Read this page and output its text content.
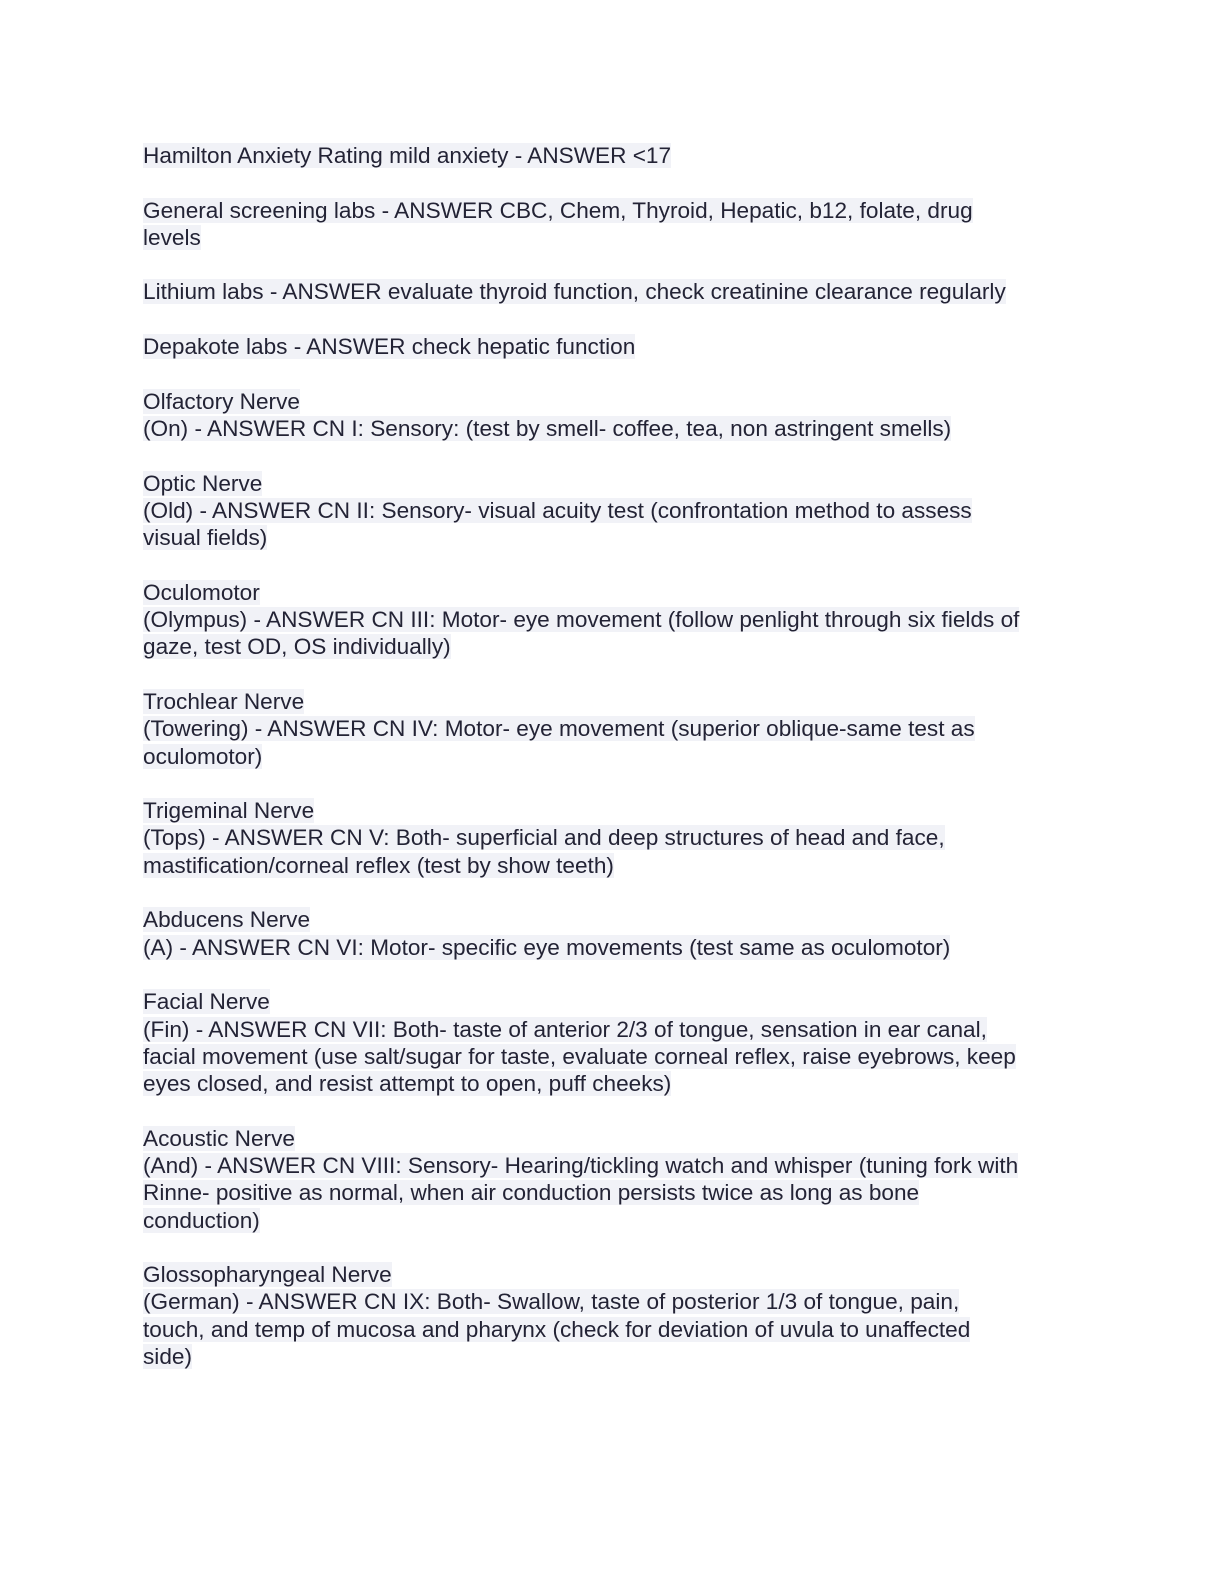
Hamilton Anxiety Rating mild anxiety - ANSWER <17
General screening labs - ANSWER CBC, Chem, Thyroid, Hepatic, b12, folate, drug
levels
Lithium labs - ANSWER evaluate thyroid function, check creatinine clearance regularly
Depakote labs - ANSWER check hepatic function
Olfactory Nerve
(On) - ANSWER CN I: Sensory: (test by smell- coffee, tea, non astringent smells)
Optic Nerve
(Old) - ANSWER CN II: Sensory- visual acuity test (confrontation method to assess
visual fields)
Oculomotor
(Olympus) - ANSWER CN III: Motor- eye movement (follow penlight through six fields of
gaze, test OD, OS individually)
Trochlear Nerve
(Towering) - ANSWER CN IV: Motor- eye movement (superior oblique-same test as
oculomotor)
Trigeminal Nerve
(Tops) - ANSWER CN V: Both- superficial and deep structures of head and face,
mastification/corneal reflex (test by show teeth)
Abducens Nerve
(A) - ANSWER CN VI: Motor- specific eye movements (test same as oculomotor)
Facial Nerve
(Fin) - ANSWER CN VII: Both- taste of anterior 2/3 of tongue, sensation in ear canal,
facial movement (use salt/sugar for taste, evaluate corneal reflex, raise eyebrows, keep
eyes closed, and resist attempt to open, puff cheeks)
Acoustic Nerve
(And) - ANSWER CN VIII: Sensory- Hearing/tickling watch and whisper (tuning fork with
Rinne- positive as normal, when air conduction persists twice as long as bone
conduction)
Glossopharyngeal Nerve
(German) - ANSWER CN IX: Both- Swallow, taste of posterior 1/3 of tongue, pain,
touch, and temp of mucosa and pharynx (check for deviation of uvula to unaffected
side)
